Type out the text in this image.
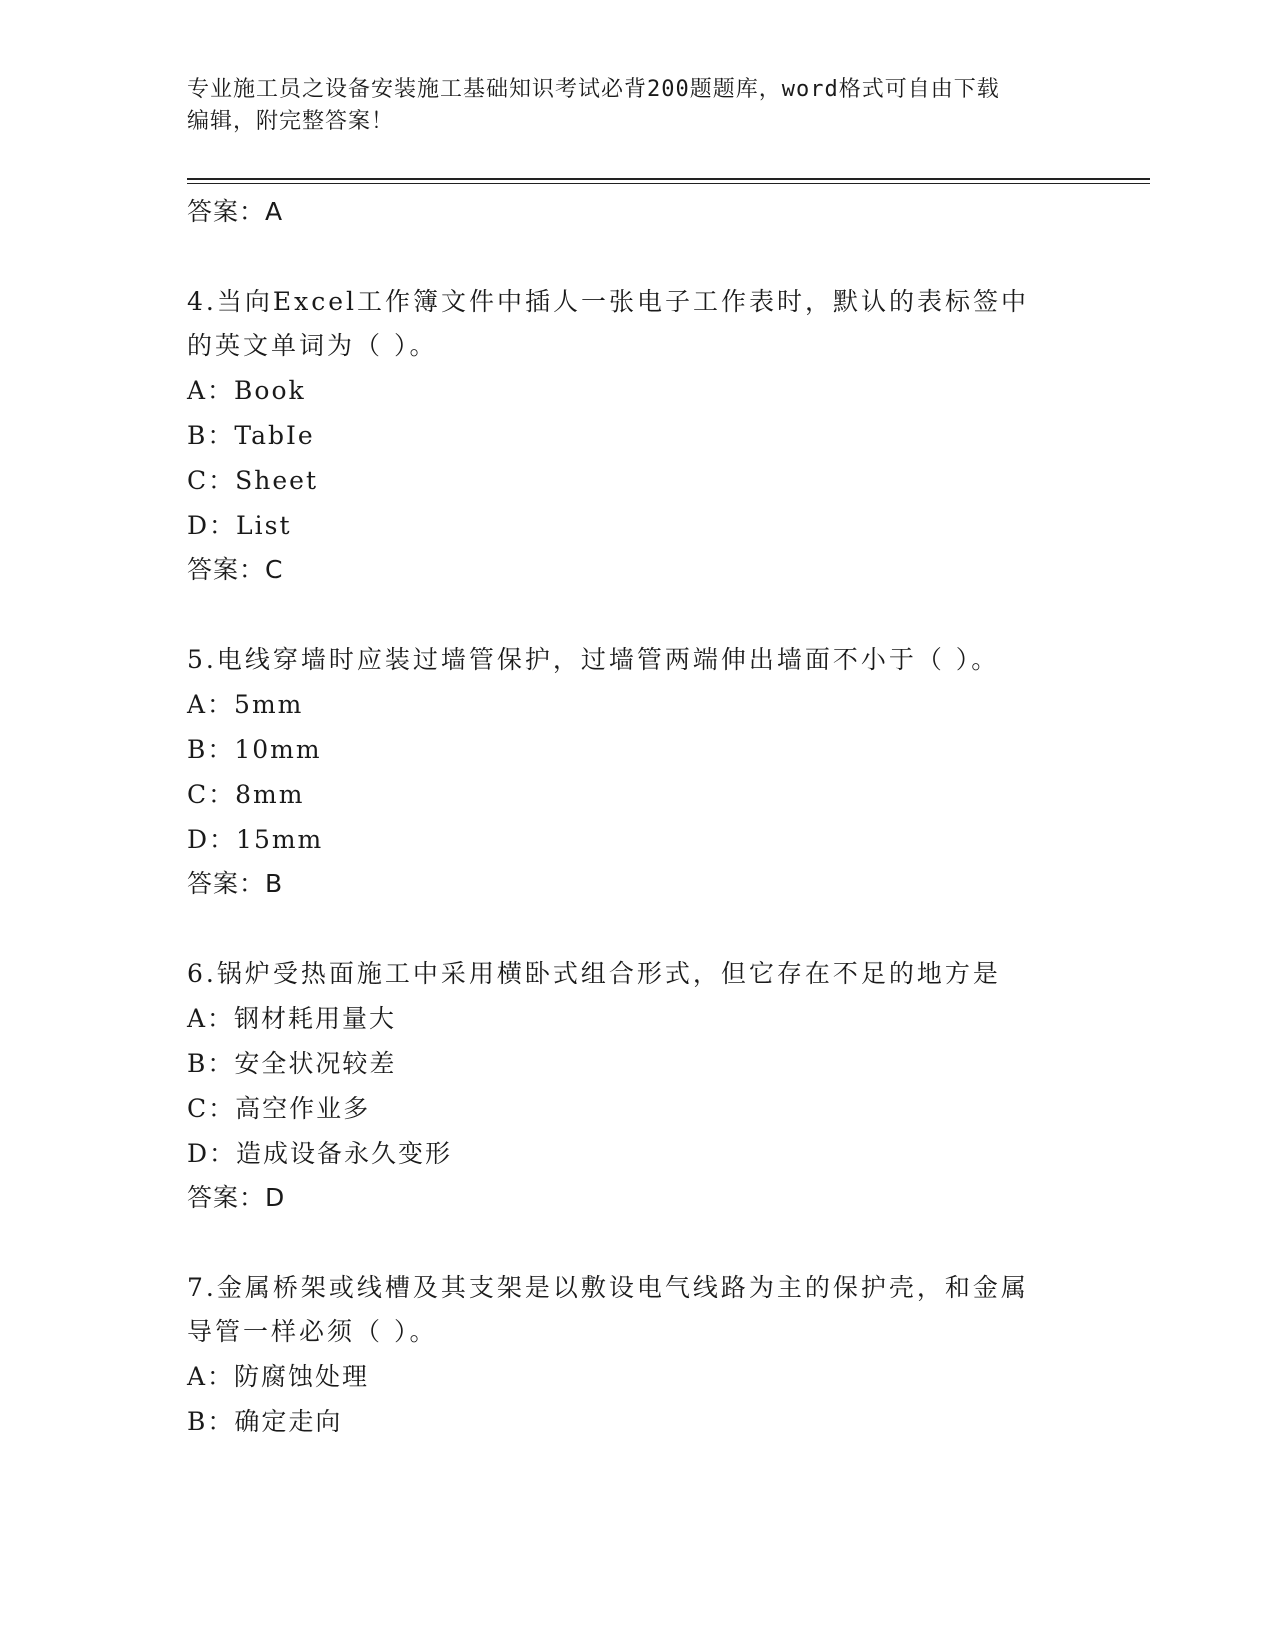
专业施工员之设备安装施工基础知识考试必背200题题库，word格式可自由下载
编辑，附完整答案！
答案：A
4.当向Excel工作簿文件中插人一张电子工作表时，默认的表标签中
的英文单词为（ ）。
A：Book
B：TabIe
C：Sheet
D：List
答案：C
5.电线穿墙时应装过墙管保护，过墙管两端伸出墙面不小于（ ）。
A：5mm
B：10mm
C：8mm
D：15mm
答案：B
6.锅炉受热面施工中采用横卧式组合形式，但它存在不足的地方是
A：钢材耗用量大
B：安全状况较差
C：高空作业多
D：造成设备永久变形
答案：D
7.金属桥架或线槽及其支架是以敷设电气线路为主的保护壳，和金属
导管一样必须（ ）。
A：防腐蚀处理
B：确定走向
